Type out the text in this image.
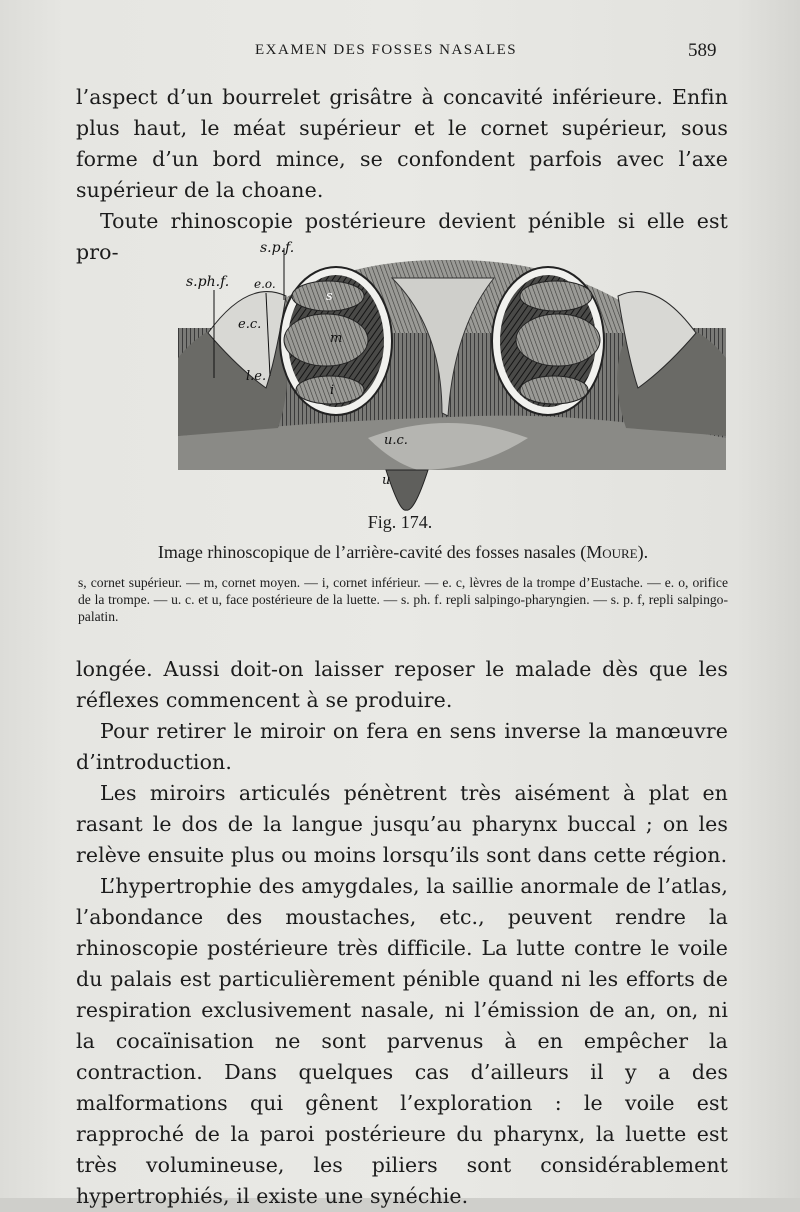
EXAMEN DES FOSSES NASALES	589

l’aspect d’un bourrelet grisâtre à concavité inférieure. Enfin plus haut, le méat supérieur et le cornet supérieur, sous forme d’un bord mince, se confondent parfois avec l’axe supérieur de la choane.

Toute rhinoscopie postérieure devient pénible si elle est pro-	s.p.f.
s.ph.f. e.o.
e.c.
l.e.
s
m
i
u.c.
u
Fig. 174.
Image rhinoscopique de l’arrière-cavité des fosses nasales (Moure).
s, cornet supérieur. — m, cornet moyen. — i, cornet inférieur. — e. c, lèvres de la trompe d’Eustache. — e. o, orifice de la trompe. — u. c. et u, face postérieure de la luette. — s. ph. f. repli salpingo-pharyngien. — s. p. f, repli salpingo-palatin.

longée. Aussi doit-on laisser reposer le malade dès que les réflexes commencent à se produire.

Pour retirer le miroir on fera en sens inverse la manœuvre d’introduction.

Les miroirs articulés pénètrent très aisément à plat en rasant le dos de la langue jusqu’au pharynx buccal ; on les relève ensuite plus ou moins lorsqu’ils sont dans cette région.

L’hypertrophie des amygdales, la saillie anormale de l’atlas, l’abondance des moustaches, etc., peuvent rendre la rhinoscopie postérieure très difficile. La lutte contre le voile du palais est particulièrement pénible quand ni les efforts de respiration exclusivement nasale, ni l’émission de an, on, ni la cocaïnisation ne sont parvenus à en empêcher la contraction. Dans quelques cas d’ailleurs il y a des malformations qui gênent l’exploration : le voile est rapproché de la paroi postérieure du pharynx, la luette est très volumineuse, les piliers sont considérablement hypertrophiés, il existe une synéchie.
